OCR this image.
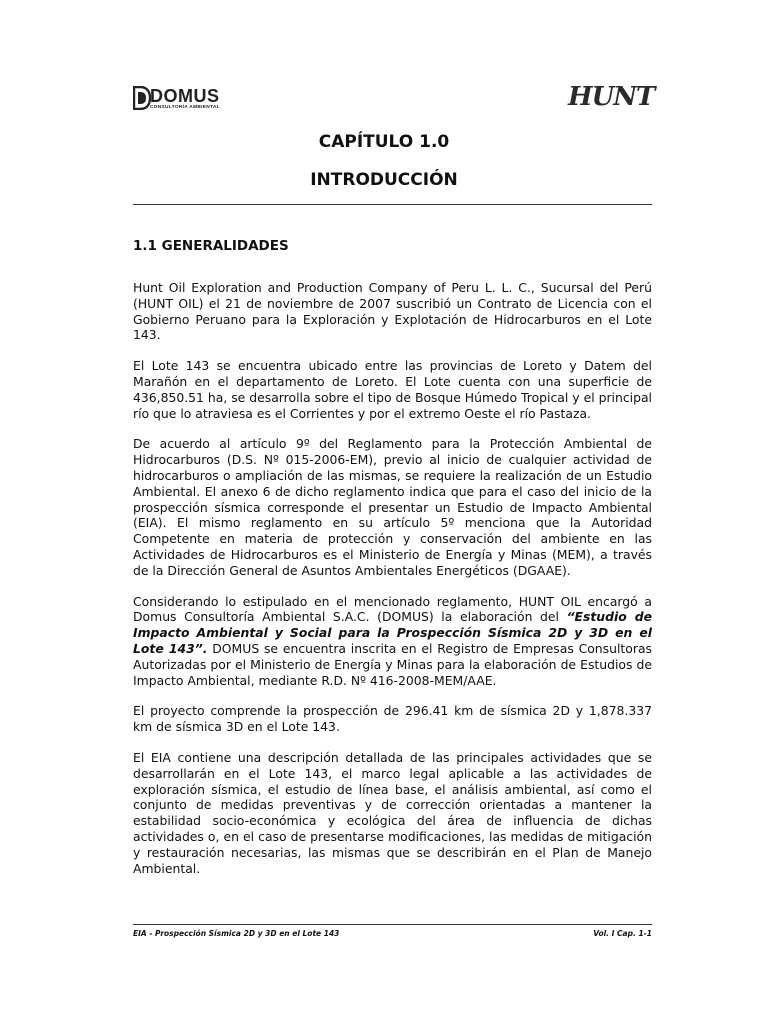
DOMUS
CONSULTORÍA AMBIENTAL	HUNT
CAPÍTULO 1.0
INTRODUCCIÓN
1.1 GENERALIDADES

Hunt Oil Exploration and Production Company of Peru L. L. C., Sucursal del Perú (HUNT OIL) el 21 de noviembre de 2007 suscribió un Contrato de Licencia con el Gobierno Peruano para la Exploración y Explotación de Hidrocarburos en el Lote 143.

El Lote 143 se encuentra ubicado entre las provincias de Loreto y Datem del Marañón en el departamento de Loreto. El Lote cuenta con una superficie de 436,850.51 ha, se desarrolla sobre el tipo de Bosque Húmedo Tropical y el principal río que lo atraviesa es el Corrientes y por el extremo Oeste el río Pastaza.

De acuerdo al artículo 9º del Reglamento para la Protección Ambiental de Hidrocarburos (D.S. Nº 015-2006-EM), previo al inicio de cualquier actividad de hidrocarburos o ampliación de las mismas, se requiere la realización de un Estudio Ambiental. El anexo 6 de dicho reglamento indica que para el caso del inicio de la prospección sísmica corresponde el presentar un Estudio de Impacto Ambiental (EIA). El mismo reglamento en su artículo 5º menciona que la Autoridad Competente en materia de protección y conservación del ambiente en las Actividades de Hidrocarburos es el Ministerio de Energía y Minas (MEM), a través de la Dirección General de Asuntos Ambientales Energéticos (DGAAE).

Considerando lo estipulado en el mencionado reglamento, HUNT OIL encargó a Domus Consultoría Ambiental S.A.C. (DOMUS) la elaboración del “Estudio de Impacto Ambiental y Social para la Prospección Sísmica 2D y 3D en el Lote 143”. DOMUS se encuentra inscrita en el Registro de Empresas Consultoras Autorizadas por el Ministerio de Energía y Minas para la elaboración de Estudios de Impacto Ambiental, mediante R.D. Nº 416-2008-MEM/AAE.

El proyecto comprende la prospección de 296.41 km de sísmica 2D y 1,878.337 km de sísmica 3D en el Lote 143.

El EIA contiene una descripción detallada de las principales actividades que se desarrollarán en el Lote 143, el marco legal aplicable a las actividades de exploración sísmica, el estudio de línea base, el análisis ambiental, así como el conjunto de medidas preventivas y de corrección orientadas a mantener la estabilidad socio-económica y ecológica del área de influencia de dichas actividades o, en el caso de presentarse modificaciones, las medidas de mitigación y restauración necesarias, las mismas que se describirán en el Plan de Manejo Ambiental.

EIA - Prospección Sísmica 2D y 3D en el Lote 143	Vol. I Cap. 1-1
